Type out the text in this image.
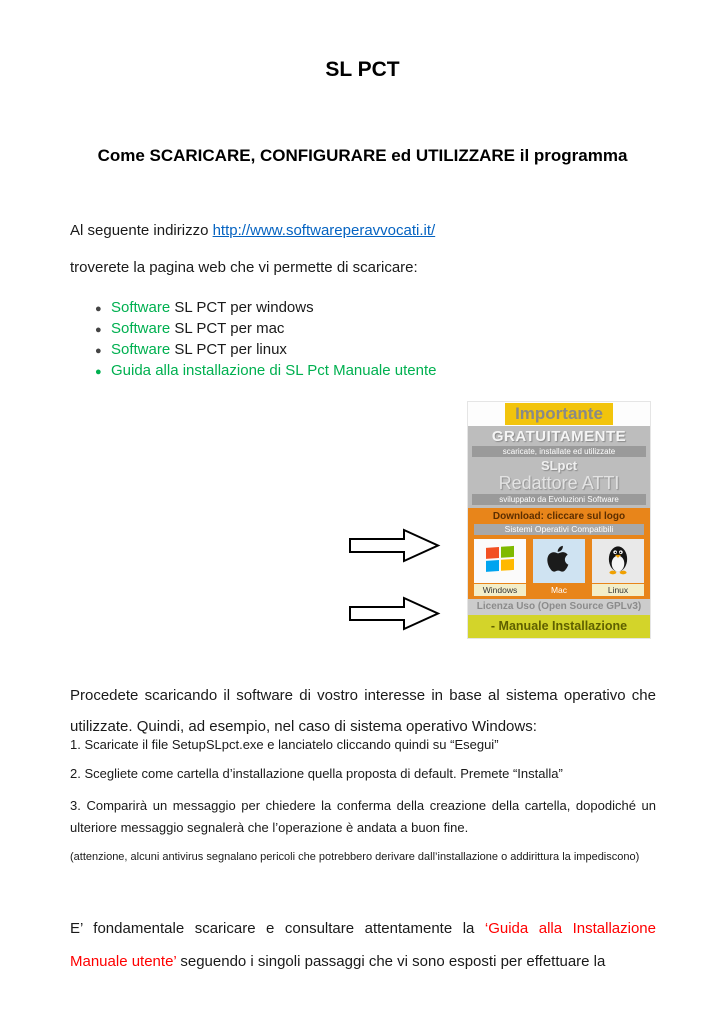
SL PCT
Come SCARICARE, CONFIGURARE ed UTILIZZARE il programma
Al seguente indirizzo http://www.softwareperavvocati.it/
troverete la pagina web che vi permette di scaricare:
● Software SL PCT per windows
● Software SL PCT per mac
● Software SL PCT per linux
● Guida alla installazione di SL Pct Manuale utente
Importante
GRATUITAMENTE
scaricate, installate ed utilizzate
SLpct
Redattore ATTI
sviluppato da Evoluzioni Software
Download: cliccare sul logo
Sistemi Operativi Compatibili
Windows	Mac	Linux
Licenza Uso (Open Source GPLv3)
- Manuale Installazione
Procedete scaricando il software di vostro interesse in base al sistema operativo che utilizzate. Quindi, ad esempio, nel caso di sistema operativo Windows:
1. Scaricate il file SetupSLpct.exe e lanciatelo cliccando quindi su “Esegui”
2. Scegliete come cartella d’installazione quella proposta di default. Premete “Installa”
3. Comparirà un messaggio per chiedere la conferma della creazione della cartella, dopodiché un ulteriore messaggio segnalerà che l’operazione è andata a buon fine.
(attenzione, alcuni antivirus segnalano pericoli che potrebbero derivare dall’installazione o addirittura la impediscono)
E’ fondamentale scaricare e consultare attentamente la ‘Guida alla Installazione Manuale utente’ seguendo i singoli passaggi che vi sono esposti per effettuare la
